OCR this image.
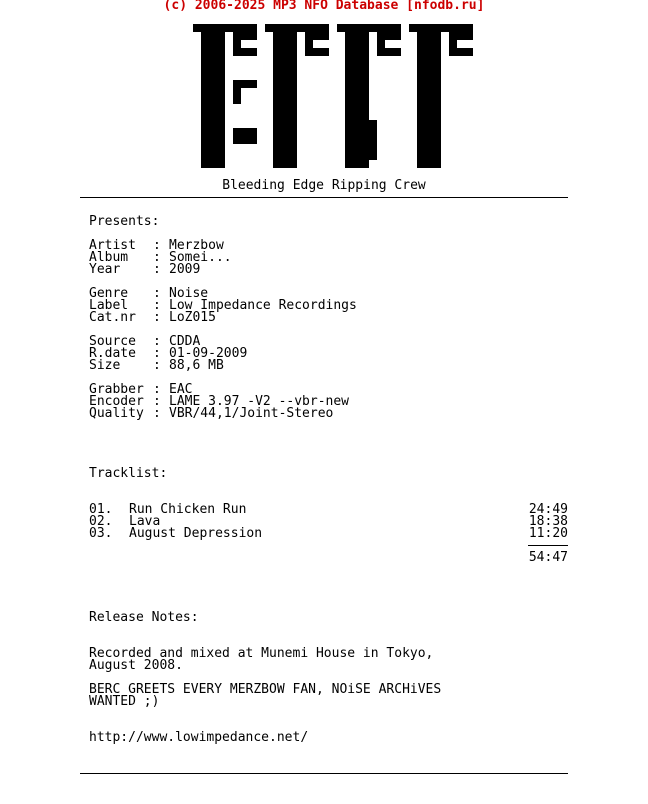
(c) 2006-2025 MP3 NFO Database [nfodb.ru]
Bleeding Edge Ripping Crew
Presents:
Artist : Merzbow
Album : Somei...
Year	: 2009
Genre : Noise
Label : Low Impedance Recordings
Cat.nr : LoZ015
Source : CDDA
R.date : 01-09-2009
Size	: 88,6 MB
Grabber : EAC
Encoder : LAME 3.97 -V2 --vbr-new
Quality : VBR/44,1/Joint-Stereo
Tracklist:
01. Run Chicken Run	24:49
02. Lava	18:38
03. August Depression	11:20
54:47
Release Notes:
Recorded and mixed at Munemi House in Tokyo,
August 2008.
BERC GREETS EVERY MERZBOW FAN, NOiSE ARCHiVES
WANTED ;)
http://www.lowimpedance.net/
